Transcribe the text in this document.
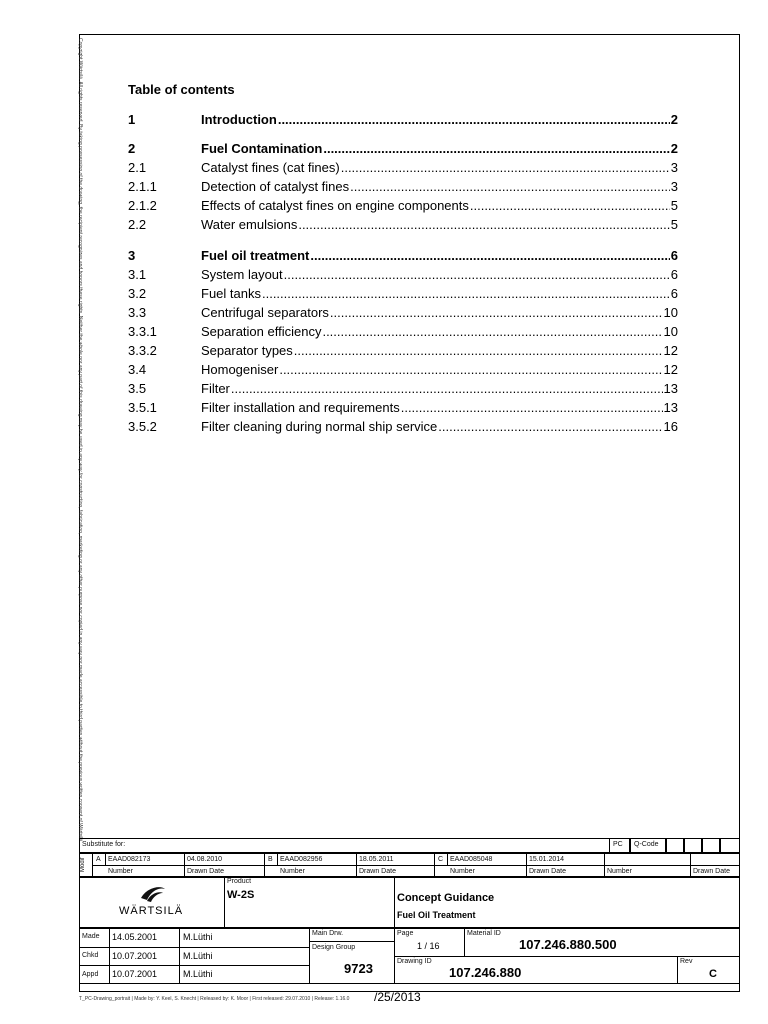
Copyright Wärtsilä. All rights reserved. By taking possession of the drawing, the recipient recognizes and honors these rights. Neither the whole nor any part of this drawing may be used in any way for construction, fabrication, marketing or any other purpose nor copied in any way nor made accessible to third parties without the previous written consent of Wärtsilä	Table of contents
1	Introduction .....	2
2	Fuel Contamination .....	2
2.1	Catalyst fines (cat fines) .....	3
2.1.1	Detection of catalyst fines .....	3
2.1.2	Effects of catalyst fines on engine components .....	5
2.2	Water emulsions .....	5
3	Fuel oil treatment .....	6
3.1	System layout .....	6
3.2	Fuel tanks .....	6
3.3	Centrifugal separators .....	10
3.3.1	Separation efficiency .....	10
3.3.2	Separator types .....	12
3.4	Homogeniser .....	12
3.5	Filter .....	13
3.5.1	Filter installation and requirements .....	13
3.5.2	Filter cleaning during normal ship service .....	16
Substitute for:	PC Q-Code
Modif A EAAD082173	04.08.2010
Number	Drawn Date
B EAAD082956	18.05.2011
Number	Drawn Date
C EAAD085048	15.01.2014
Number	Drawn Date	Number	Drawn Date
WÄRTSILÄ
Product
W-2S	Concept Guidance
Fuel Oil Treatment
Made 14.05.2001	M.Lüthi
Chkd 10.07.2001	M.Lüthi
Appd 10.07.2001	M.Lüthi
Main Drw.
Design Group
9723
Page
1 / 16
Material ID
107.246.880.500
Drawing ID
107.246.880
Rev
C
T_PC-Drawing_portrait | Made by: Y. Keel, S. Knecht | Released by: K. Moor | First released: 29.07.2010 | Release: 1.16.0 /25/2013
